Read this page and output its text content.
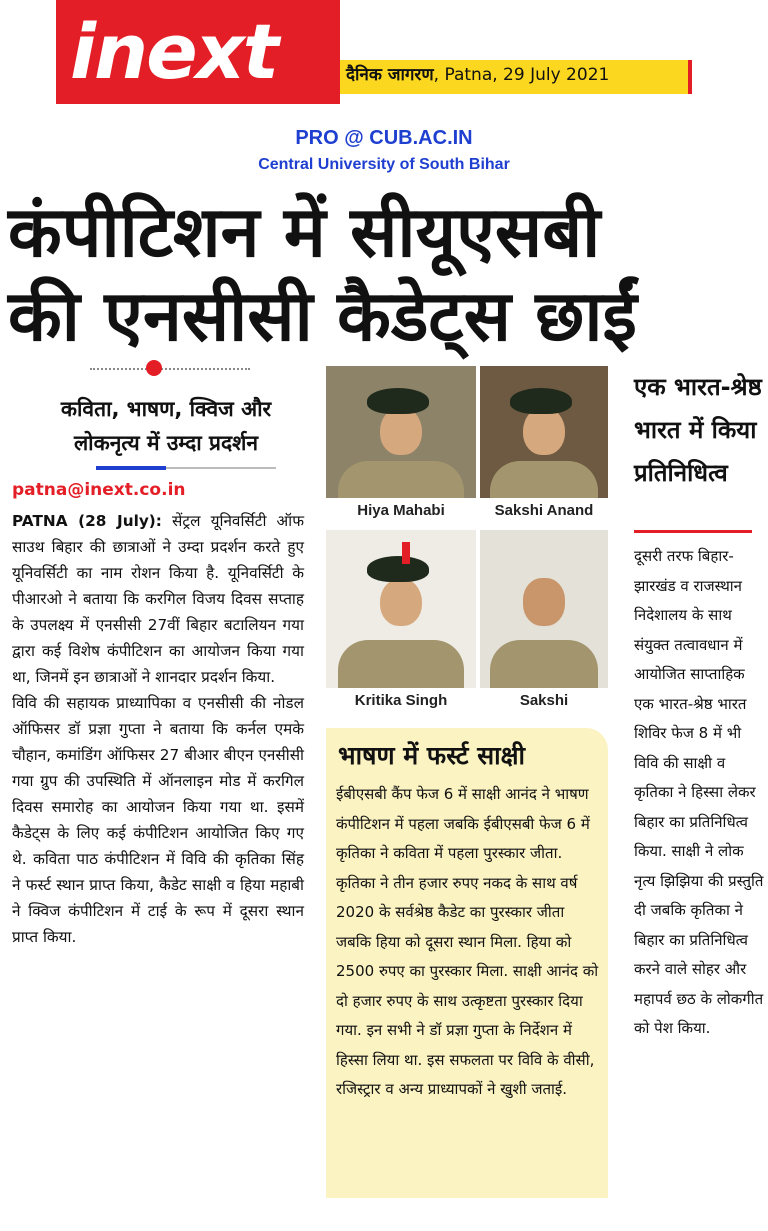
inext	दैनिक जागरण, Patna, 29 July 2021
PRO @ CUB.AC.IN
Central University of South Bihar
कंपीटिशन में सीयूएसबी
की एनसीसी कैडेट्स छाईं
कविता, भाषण, क्विज और
लोकनृत्य में उम्दा प्रदर्शन
patna@inext.co.in

PATNA (28 July): सेंट्रल यूनिवर्सिटी ऑफ साउथ बिहार की छात्राओं ने उम्दा प्रदर्शन करते हुए यूनिवर्सिटी का नाम रोशन किया है. यूनिवर्सिटी के पीआरओ ने बताया कि करगिल विजय दिवस सप्ताह के उपलक्ष्य में एनसीसी 27वीं बिहार बटालियन गया द्वारा कई विशेष कंपीटिशन का आयोजन किया गया था, जिनमें इन छात्राओं ने शानदार प्रदर्शन किया.

विवि की सहायक प्राध्यापिका व एनसीसी की नोडल ऑफिसर डॉ प्रज्ञा गुप्ता ने बताया कि कर्नल एमके चौहान, कमांडिंग ऑफिसर 27 बीआर बीएन एनसीसी गया ग्रुप की उपस्थिति में ऑनलाइन मोड में करगिल दिवस समारोह का आयोजन किया गया था. इसमें कैडेट्स के लिए कई कंपीटिशन आयोजित किए गए थे. कविता पाठ कंपीटिशन में विवि की कृतिका सिंह ने फर्स्ट स्थान प्राप्त किया, कैडेट साक्षी व हिया महाबी ने क्विज कंपीटिशन में टाई के रूप में दूसरा स्थान प्राप्त किया.

Hiya Mahabi	Sakshi Anand
Kritika Singh	Sakshi
भाषण में फर्स्ट साक्षी
ईबीएसबी कैंप फेज 6 में साक्षी आनंद ने भाषण कंपीटिशन में पहला जबकि ईबीएसबी फेज 6 में कृतिका ने कविता में पहला पुरस्कार जीता. कृतिका ने तीन हजार रुपए नकद के साथ वर्ष 2020 के सर्वश्रेष्ठ कैडेट का पुरस्कार जीता जबकि हिया को दूसरा स्थान मिला. हिया को 2500 रुपए का पुरस्कार मिला. साक्षी आनंद को दो हजार रुपए के साथ उत्कृष्टता पुरस्कार दिया गया. इन सभी ने डॉ प्रज्ञा गुप्ता के निर्देशन में हिस्सा लिया था. इस सफलता पर विवि के वीसी, रजिस्ट्रार व अन्य प्राध्यापकों ने खुशी जताई.
एक भारत-श्रेष्ठ भारत में किया प्रतिनिधित्व
दूसरी तरफ बिहार-झारखंड व राजस्थान निदेशालय के साथ संयुक्त तत्वावधान में आयोजित साप्ताहिक एक भारत-श्रेष्ठ भारत शिविर फेज 8 में भी विवि की साक्षी व कृतिका ने हिस्सा लेकर बिहार का प्रतिनिधित्व किया. साक्षी ने लोक नृत्य झिझिया की प्रस्तुति दी जबकि कृतिका ने बिहार का प्रतिनिधित्व करने वाले सोहर और महापर्व छठ के लोकगीत को पेश किया.
